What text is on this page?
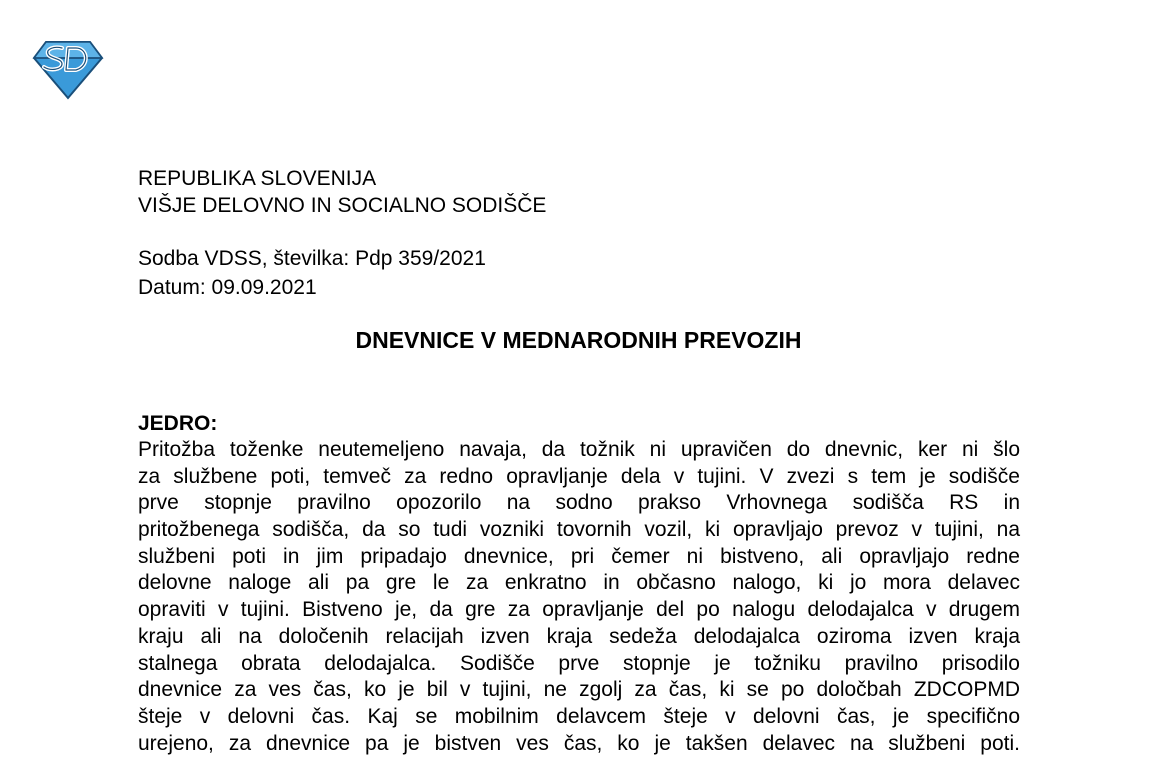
REPUBLIKA SLOVENIJA
VIŠJE DELOVNO IN SOCIALNO SODIŠČE
Sodba VDSS, številka: Pdp 359/2021
Datum: 09.09.2021
DNEVNICE V MEDNARODNIH PREVOZIH
JEDRO:
Pritožba toženke neutemeljeno navaja, da tožnik ni upravičen do dnevnic, ker ni šlo
za službene poti, temveč za redno opravljanje dela v tujini. V zvezi s tem je sodišče
prve stopnje pravilno opozorilo na sodno prakso Vrhovnega sodišča RS in
pritožbenega sodišča, da so tudi vozniki tovornih vozil, ki opravljajo prevoz v tujini, na
službeni poti in jim pripadajo dnevnice, pri čemer ni bistveno, ali opravljajo redne
delovne naloge ali pa gre le za enkratno in občasno nalogo, ki jo mora delavec
opraviti v tujini. Bistveno je, da gre za opravljanje del po nalogu delodajalca v drugem
kraju ali na določenih relacijah izven kraja sedeža delodajalca oziroma izven kraja
stalnega obrata delodajalca. Sodišče prve stopnje je tožniku pravilno prisodilo
dnevnice za ves čas, ko je bil v tujini, ne zgolj za čas, ki se po določbah ZDCOPMD
šteje v delovni čas. Kaj se mobilnim delavcem šteje v delovni čas, je specifično
urejeno, za dnevnice pa je bistven ves čas, ko je takšen delavec na službeni poti.
